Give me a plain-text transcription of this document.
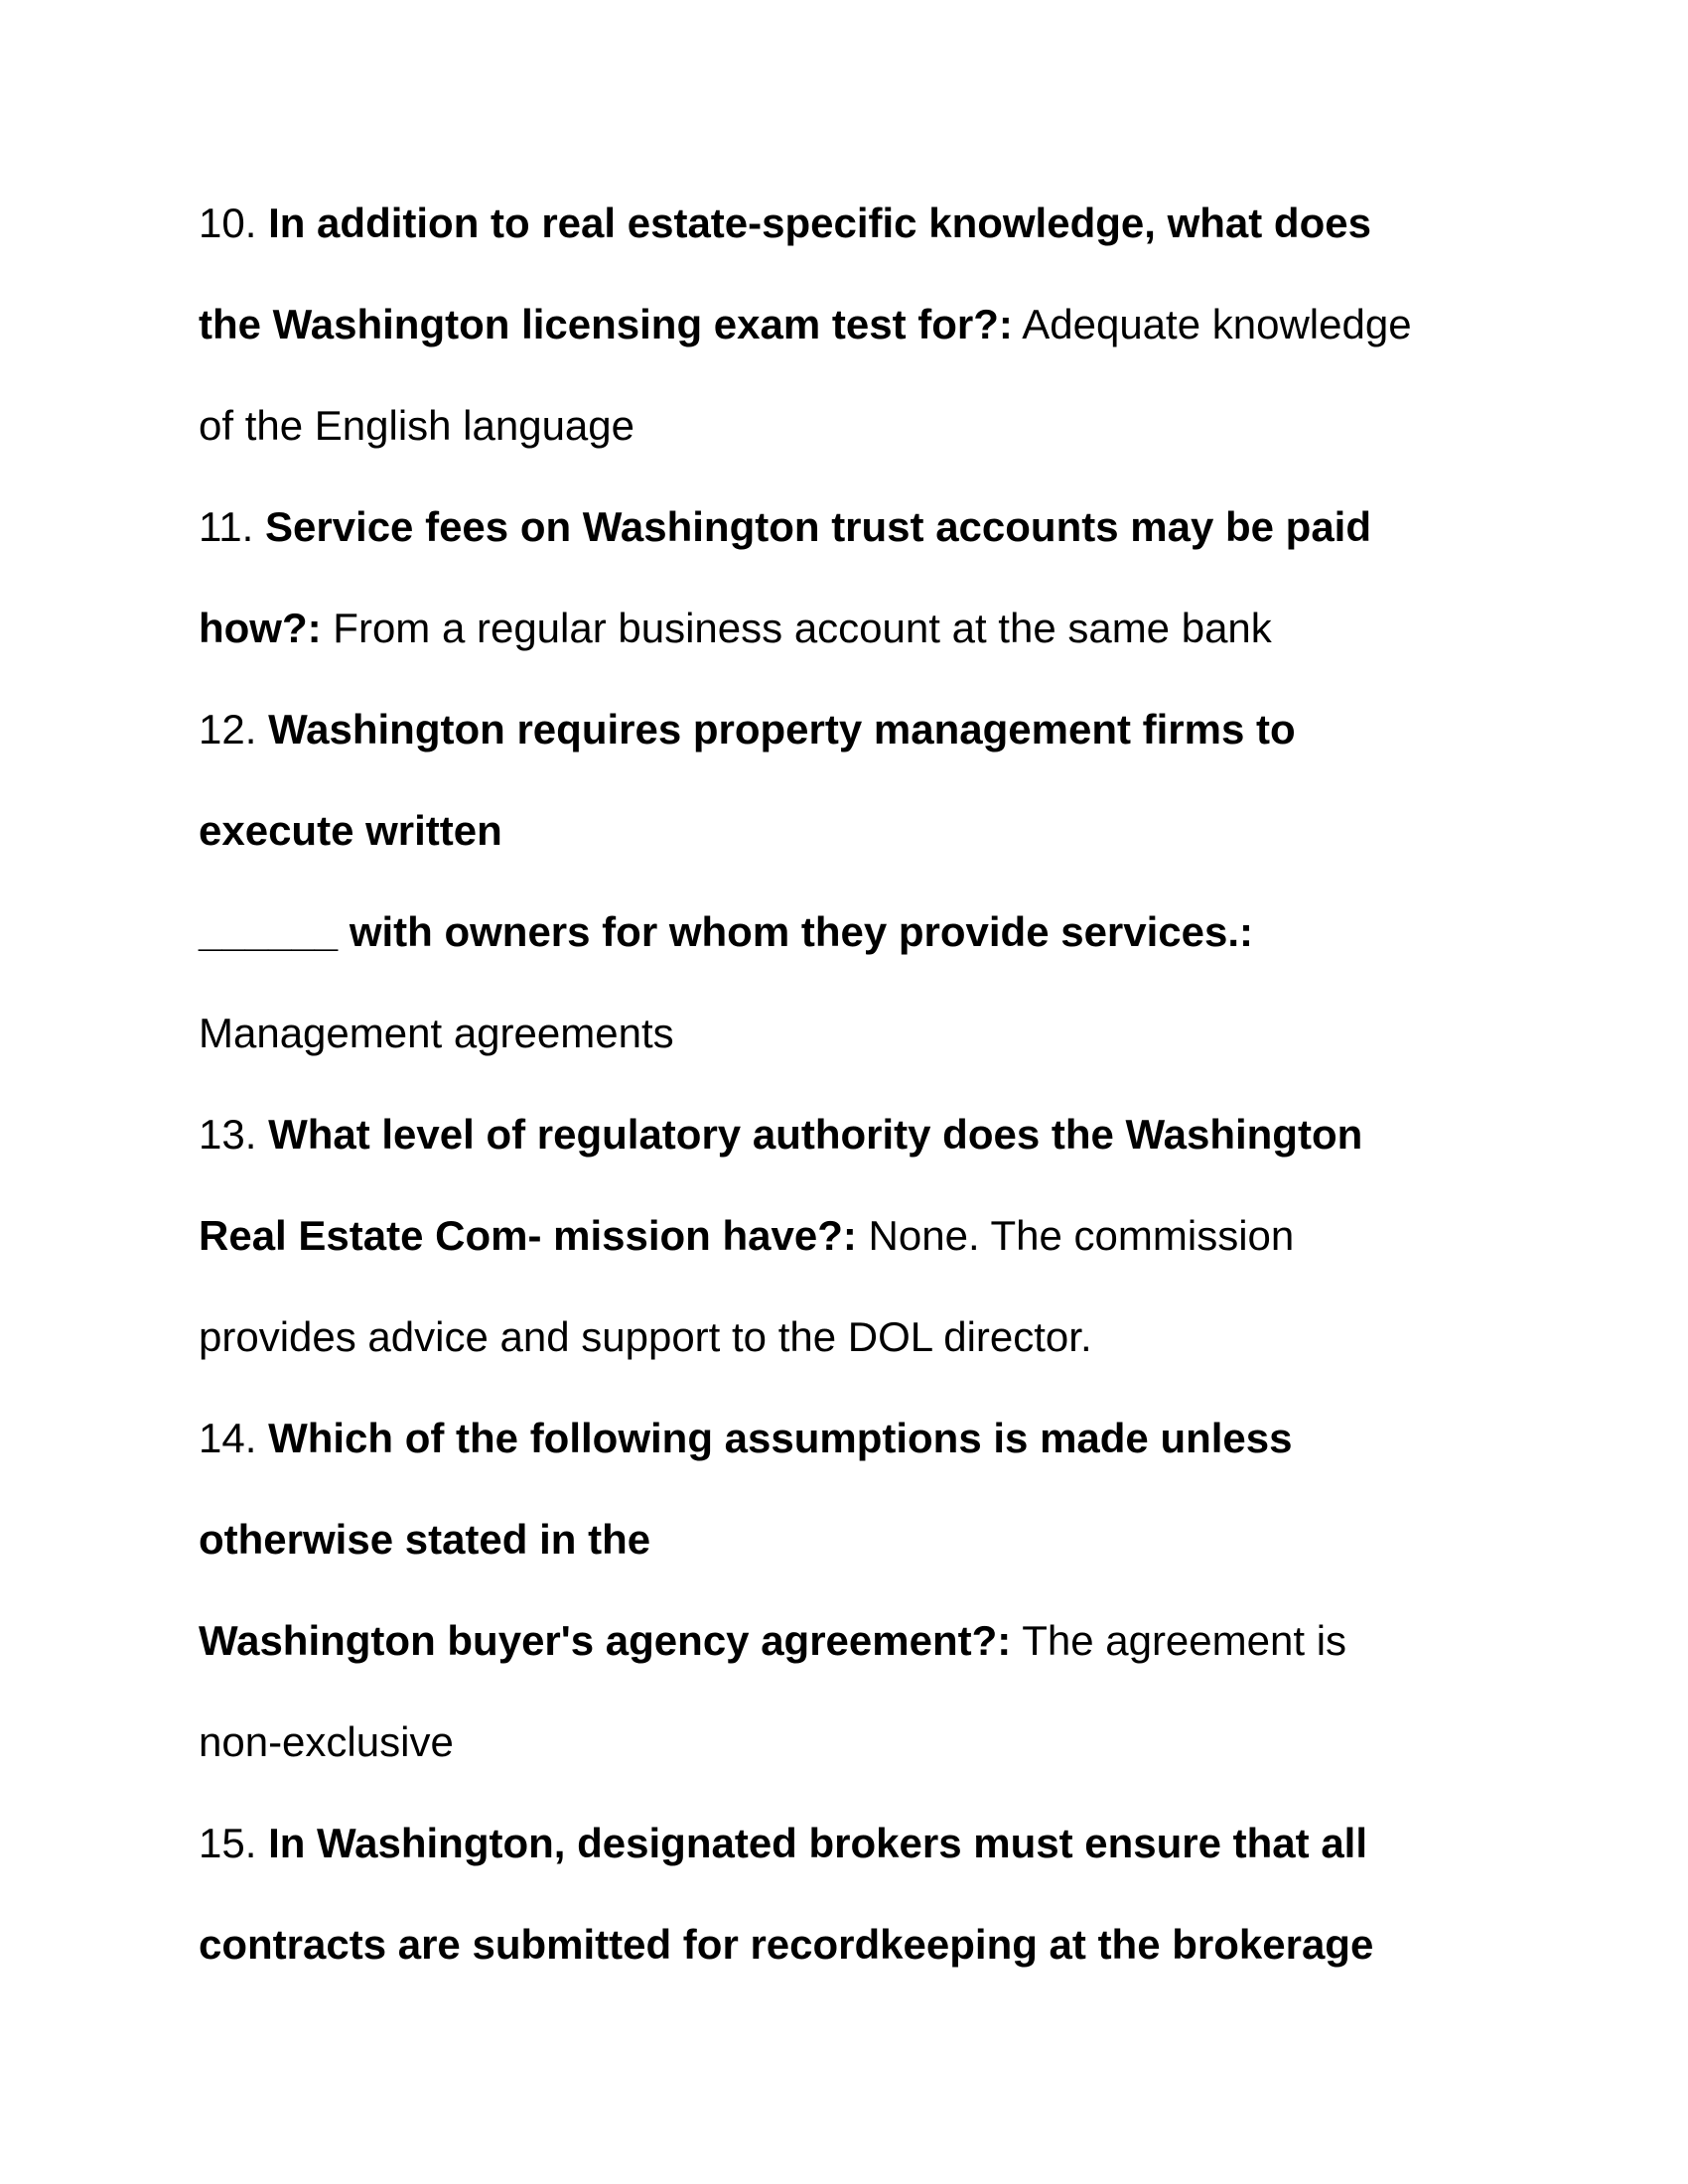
10. In addition to real estate-specific knowledge, what does

the Washington licensing exam test for?: Adequate knowledge

of the English language

11. Service fees on Washington trust accounts may be paid

how?: From a regular business account at the same bank

12. Washington requires property management firms to

execute written

______ with owners for whom they provide services.:

Management agreements

13. What level of regulatory authority does the Washington

Real Estate Com- mission have?: None. The commission

provides advice and support to the DOL director.

14. Which of the following assumptions is made unless

otherwise stated in the

Washington buyer's agency agreement?: The agreement is

non-exclusive

15. In Washington, designated brokers must ensure that all

contracts are submitted for recordkeeping at the brokerage
